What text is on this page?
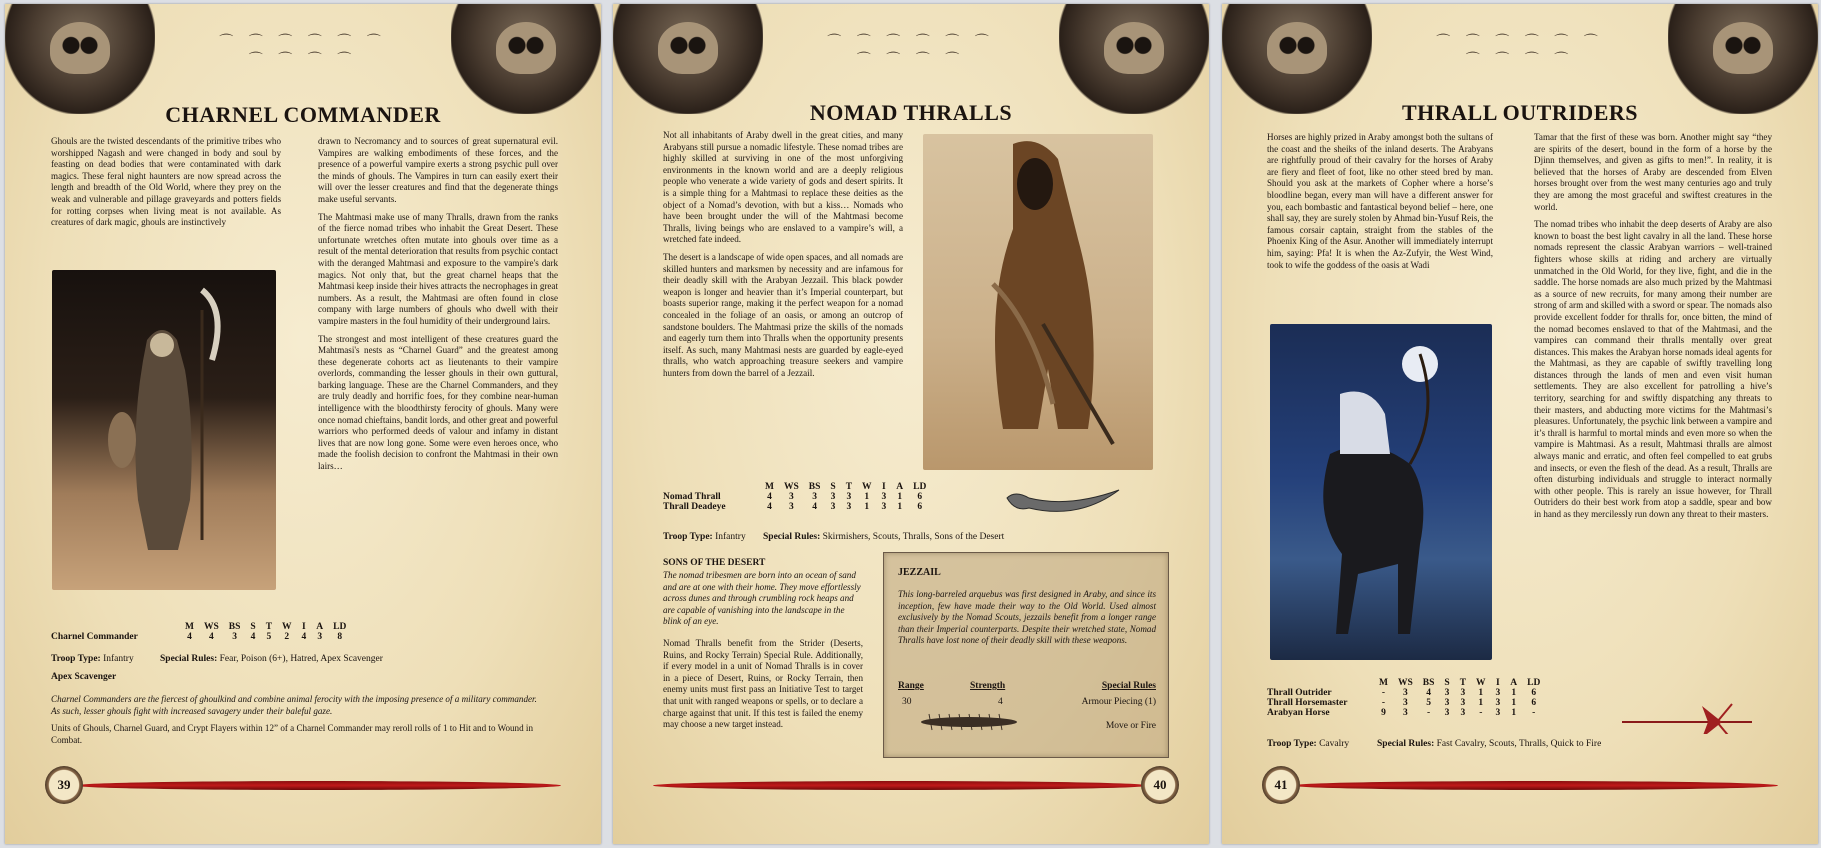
⌒ ⌒ ⌒ ⌒ ⌒ ⌒
⌒ ⌒ ⌒ ⌒
CHARNEL COMMANDER

Ghouls are the twisted descendants of the primitive tribes who worshipped Nagash and were changed in body and soul by feasting on dead bodies that were contaminated with dark magics. These feral night haunters are now spread across the length and breadth of the Old World, where they prey on the weak and vulnerable and pillage graveyards and potters fields for rotting corpses when living meat is not available. As creatures of dark magic, ghouls are instinctively

drawn to Necromancy and to sources of great supernatural evil. Vampires are walking embodiments of these forces, and the presence of a powerful vampire exerts a strong psychic pull over the minds of ghouls. The Vampires in turn can easily exert their will over the lesser creatures and find that the degenerate things make useful servants.

The Mahtmasi make use of many Thralls, drawn from the ranks of the fierce nomad tribes who inhabit the Great Desert. These unfortunate wretches often mutate into ghouls over time as a result of the mental deterioration that results from psychic contact with the deranged Mahtmasi and exposure to the vampire's dark magics. Not only that, but the great charnel heaps that the Mahtmasi keep inside their hives attracts the necrophages in great numbers. As a result, the Mahtmasi are often found in close company with large numbers of ghouls who dwell with their vampire masters in the foul humidity of their underground lairs.

The strongest and most intelligent of these creatures guard the Mahtmasi's nests as “Charnel Guard” and the greatest among these degenerate cohorts act as lieutenants to their vampire overlords, commanding the lesser ghouls in their own guttural, barking language. These are the Charnel Commanders, and they are truly deadly and horrific foes, for they combine near-human intelligence with the bloodthirsty ferocity of ghouls. Many were once nomad chieftains, bandit lords, and other great and powerful warriors who performed deeds of valour and infamy in distant lives that are now long gone. Some were even heroes once, who made the foolish decision to confront the Mahtmasi in their own lairs…

	M	WS	BS	S	T	W	I	A	LD
Charnel Commander	4	4	3	4	5	2	4	3	8
Troop Type: Infantry	Special Rules: Fear, Poison (6+), Hatred, Apex Scavenger
Apex Scavenger

Charnel Commanders are the fiercest of ghoulkind and combine animal ferocity with the imposing presence of a military commander. As such, lesser ghouls fight with increased savagery under their baleful gaze.

Units of Ghouls, Charnel Guard, and Crypt Flayers within 12” of a Charnel Commander may reroll rolls of 1 to Hit and to Wound in Combat.

39
⌒ ⌒ ⌒ ⌒ ⌒ ⌒
⌒ ⌒ ⌒ ⌒
NOMAD THRALLS

Not all inhabitants of Araby dwell in the great cities, and many Arabyans still pursue a nomadic lifestyle. These nomad tribes are highly skilled at surviving in one of the most unforgiving environments in the known world and are a deeply religious people who venerate a wide variety of gods and desert spirits. It is a simple thing for a Mahtmasi to replace these deities as the object of a Nomad’s devotion, with but a kiss… Nomads who have been brought under the will of the Mahtmasi become Thralls, living beings who are enslaved to a vampire’s will, a wretched fate indeed.

The desert is a landscape of wide open spaces, and all nomads are skilled hunters and marksmen by necessity and are infamous for their deadly skill with the Arabyan Jezzail. This black powder weapon is longer and heavier than it’s Imperial counterpart, but boasts superior range, making it the perfect weapon for a nomad concealed in the foliage of an oasis, or among an outcrop of sandstone boulders. The Mahtmasi prize the skills of the nomads and eagerly turn them into Thralls when the opportunity presents itself. As such, many Mahtmasi nests are guarded by eagle-eyed thralls, who watch approaching treasure seekers and vampire hunters from down the barrel of a Jezzail.

	M	WS	BS	S	T	W	I	A	LD
Nomad Thrall	4	3	3	3	3	1	3	1	6
Thrall Deadeye	4	3	4	3	3	1	3	1	6
Troop Type: Infantry Special Rules: Skirmishers, Scouts, Thralls, Sons of the Desert
SONS OF THE DESERT

The nomad tribesmen are born into an ocean of sand and are at one with their home. They move effortlessly across dunes and through crumbling rock heaps and are capable of vanishing into the landscape in the blink of an eye.

Nomad Thralls benefit from the Strider (Deserts, Ruins, and Rocky Terrain) Special Rule. Additionally, if every model in a unit of Nomad Thralls is in cover in a piece of Desert, Ruins, or Rocky Terrain, then enemy units must first pass an Initiative Test to target that unit with ranged weapons or spells, or to declare a charge against that unit. If this test is failed the enemy may choose a new target instead.

JEZZAIL
This long-barreled arquebus was first designed in Araby, and since its inception, few have made their way to the Old World. Used almost exclusively by the Nomad Scouts, jezzails benefit from a longer range than their Imperial counterparts. Despite their wretched state, Nomad Thralls have lost none of their deadly skill with these weapons.
Range	Strength	Special Rules
30	4	Armour Piecing (1)
Move or Fire
40
⌒ ⌒ ⌒ ⌒ ⌒ ⌒
⌒ ⌒ ⌒ ⌒
THRALL OUTRIDERS

Horses are highly prized in Araby amongst both the sultans of the coast and the sheiks of the inland deserts. The Arabyans are rightfully proud of their cavalry for the horses of Araby are fiery and fleet of foot, like no other steed bred by man. Should you ask at the markets of Copher where a horse’s bloodline began, every man will have a different answer for you, each bombastic and fantastical beyond belief – here, one shall say, they are surely stolen by Ahmad bin-Yusuf Reis, the famous corsair captain, straight from the stables of the Phoenix King of the Asur. Another will immediately interrupt him, saying: Pfa! It is when the Az-Zufyir, the West Wind, took to wife the goddess of the oasis at Wadi

Tamar that the first of these was born. Another might say “they are spirits of the desert, bound in the form of a horse by the Djinn themselves, and given as gifts to men!”. In reality, it is believed that the horses of Araby are descended from Elven horses brought over from the west many centuries ago and truly they are among the most graceful and swiftest creatures in the world.

The nomad tribes who inhabit the deep deserts of Araby are also known to boast the best light cavalry in all the land. These horse nomads represent the classic Arabyan warriors – well-trained fighters whose skills at riding and archery are virtually unmatched in the Old World, for they live, fight, and die in the saddle. The horse nomads are also much prized by the Mahtmasi as a source of new recruits, for many among their number are strong of arm and skilled with a sword or spear. The nomads also provide excellent fodder for thralls for, once bitten, the mind of the nomad becomes enslaved to that of the Mahtmasi, and the vampires can command their thralls mentally over great distances. This makes the Arabyan horse nomads ideal agents for the Mahtmasi, as they are capable of swiftly travelling long distances through the lands of men and even visit human settlements. They are also excellent for patrolling a hive’s territory, searching for and swiftly dispatching any threats to their masters, and abducting more victims for the Mahtmasi’s pleasures. Unfortunately, the psychic link between a vampire and it’s thrall is harmful to mortal minds and even more so when the vampire is Mahtmasi. As a result, Mahtmasi thralls are almost always manic and erratic, and often feel compelled to eat grubs and insects, or even the flesh of the dead. As a result, Thralls are often disturbing individuals and struggle to interact normally with other people. This is rarely an issue however, for Thrall Outriders do their best work from atop a saddle, spear and bow in hand as they mercilessly run down any threat to their masters.

	M	WS	BS	S	T	W	I	A	LD
Thrall Outrider	-	3	4	3	3	1	3	1	6
Thrall Horsemaster	-	3	5	3	3	1	3	1	6
Arabyan Horse	9	3	-	3	3	-	3	1	-
Troop Type: Cavalry	Special Rules: Fast Cavalry, Scouts, Thralls, Quick to Fire
41
